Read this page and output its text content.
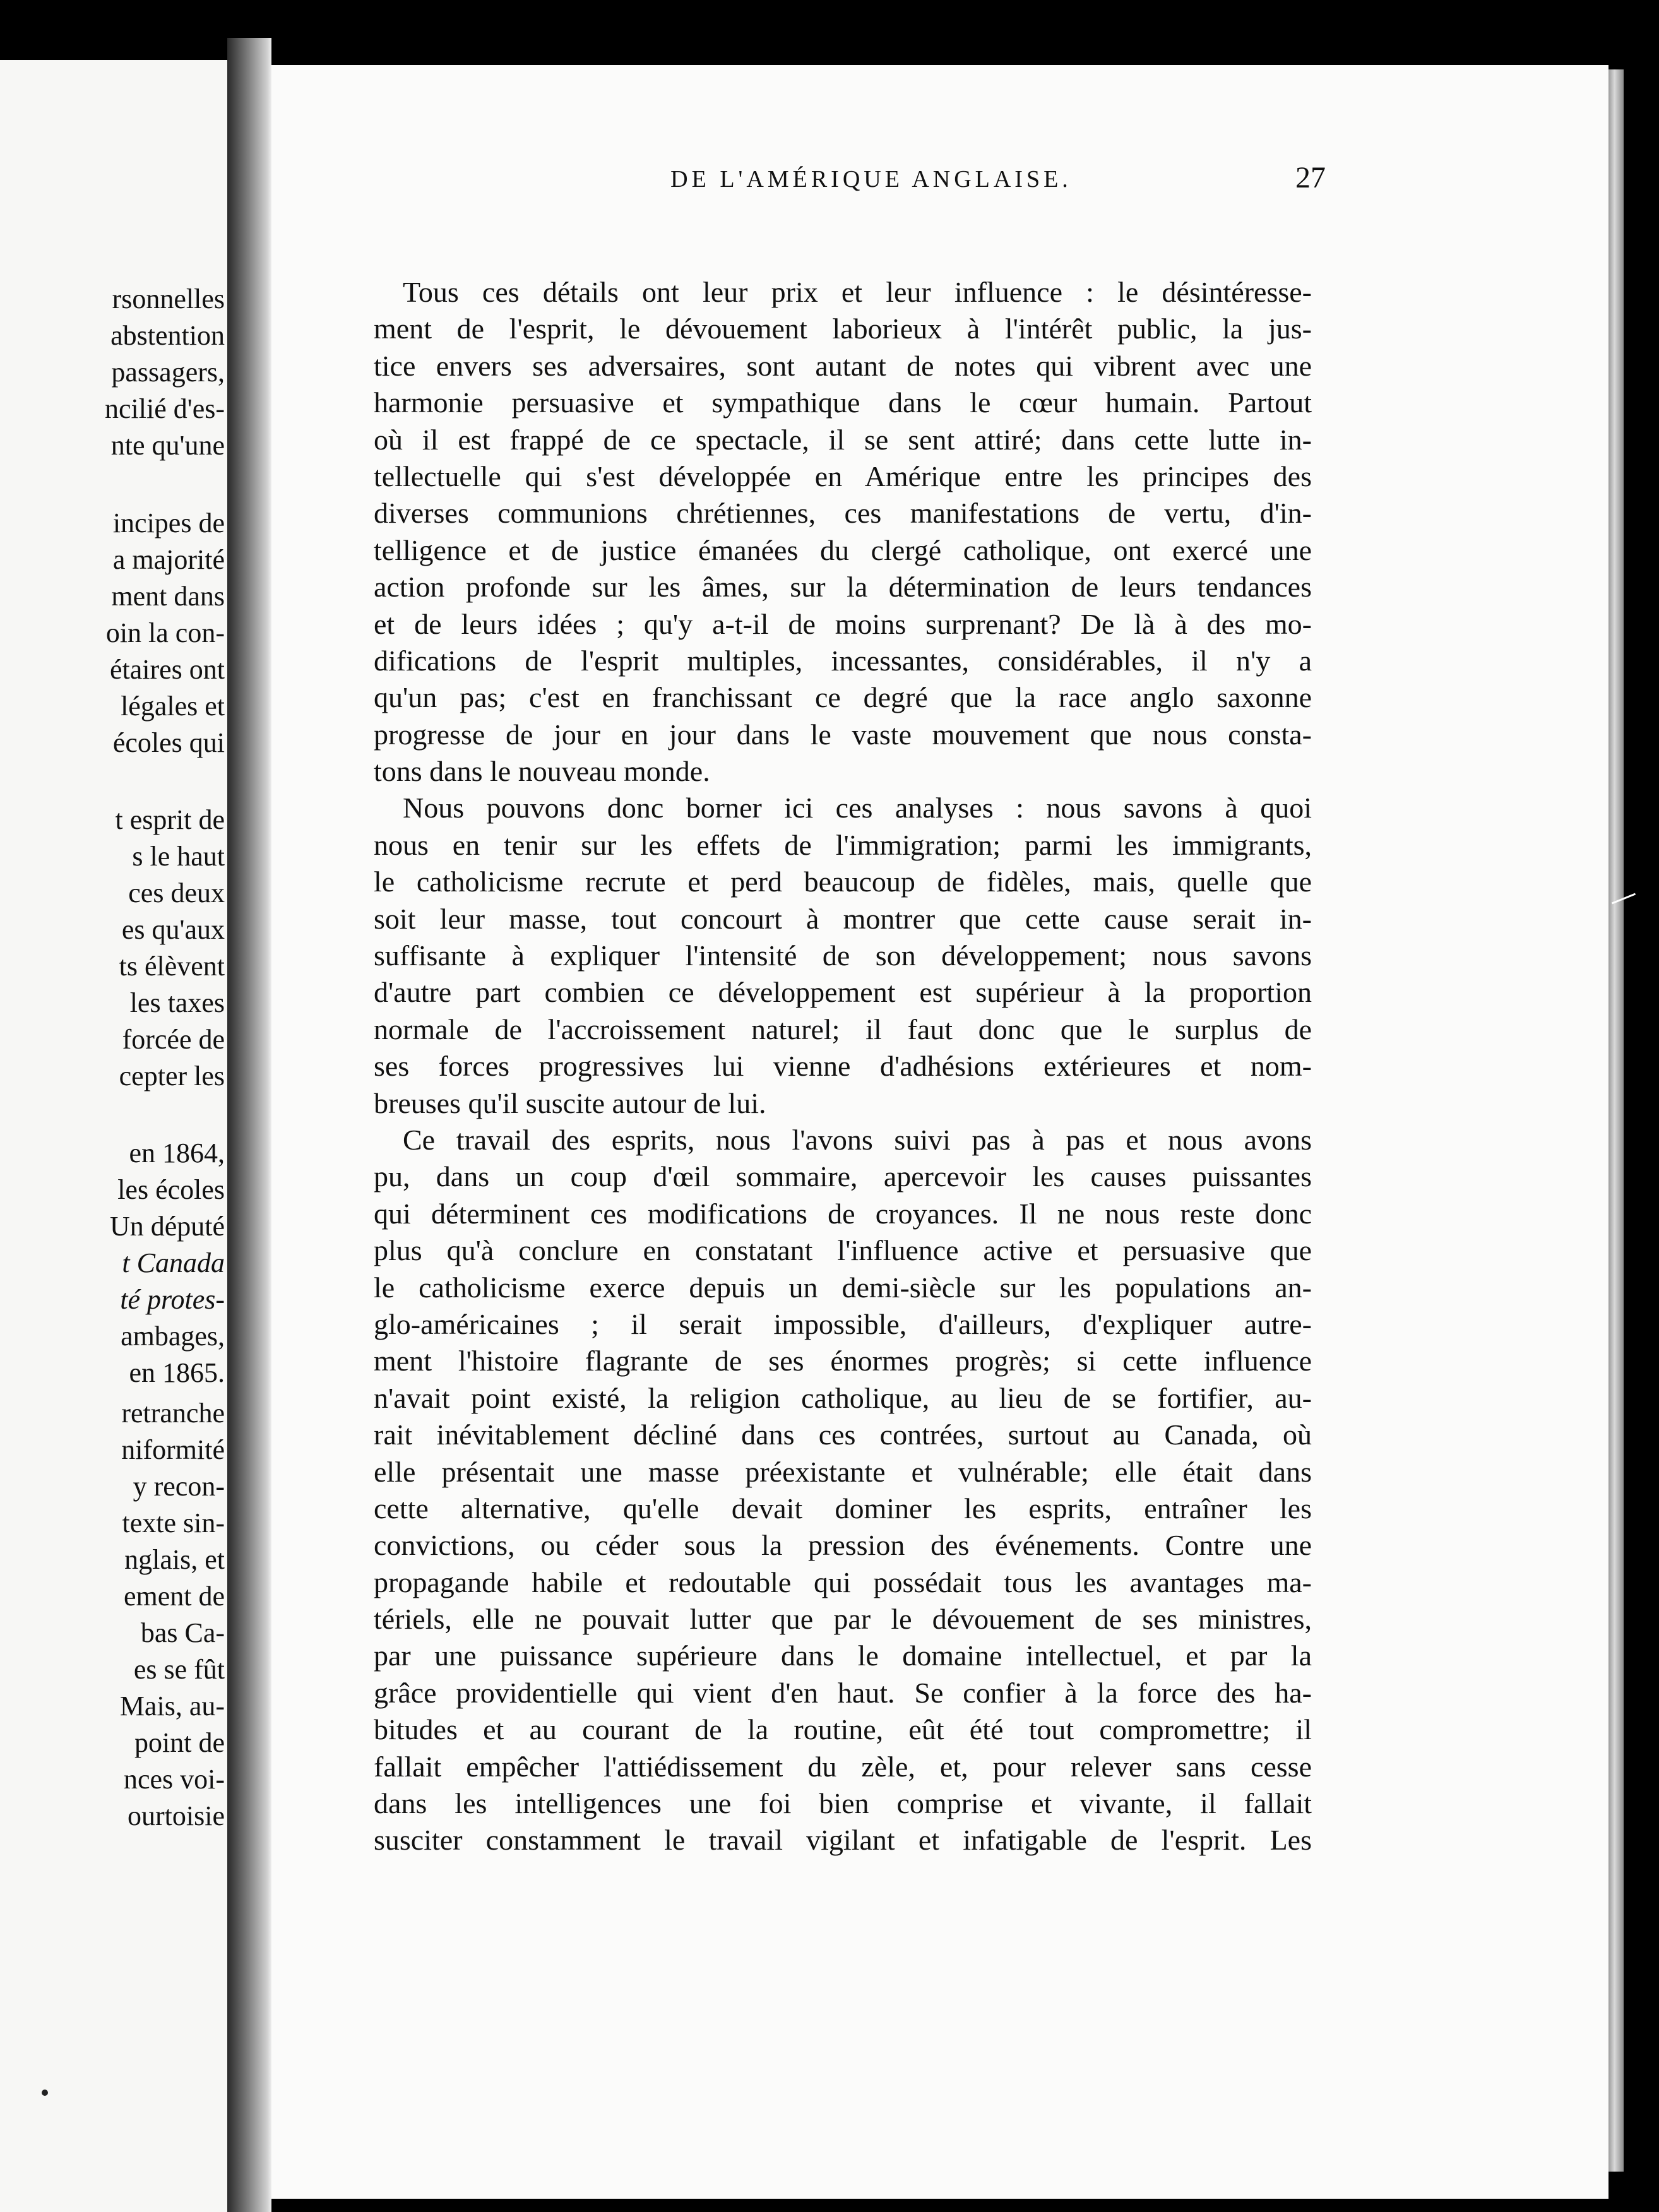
rsonnelles
abstention
passagers,
ncilié d'es-
nte qu'une
incipes de
a majorité
ment dans
oin la con-
étaires ont
légales et
écoles qui
t esprit de
s le haut
ces deux
es qu'aux
ts élèvent
les taxes
forcée de
cepter les
en 1864,
les écoles
Un député
t Canada
té protes-
ambages,
en 1865.
retranche
niformité
y recon-
texte sin-
nglais, et
ement de
bas Ca-
es se fût
Mais, au-
point de
nces voi-
ourtoisie
DE L'AMÉRIQUE ANGLAISE.	27
Tous ces détails ont leur prix et leur influence : le désintéresse-
ment de l'esprit, le dévouement laborieux à l'intérêt public, la jus-
tice envers ses adversaires, sont autant de notes qui vibrent avec une
harmonie persuasive et sympathique dans le cœur humain. Partout
où il est frappé de ce spectacle, il se sent attiré; dans cette lutte in-
tellectuelle qui s'est développée en Amérique entre les principes des
diverses communions chrétiennes, ces manifestations de vertu, d'in-
telligence et de justice émanées du clergé catholique, ont exercé une
action profonde sur les âmes, sur la détermination de leurs tendances
et de leurs idées ; qu'y a-t-il de moins surprenant? De là à des mo-
difications de l'esprit multiples, incessantes, considérables, il n'y a
qu'un pas; c'est en franchissant ce degré que la race anglo saxonne
progresse de jour en jour dans le vaste mouvement que nous consta-
tons dans le nouveau monde.
Nous pouvons donc borner ici ces analyses : nous savons à quoi
nous en tenir sur les effets de l'immigration; parmi les immigrants,
le catholicisme recrute et perd beaucoup de fidèles, mais, quelle que
soit leur masse, tout concourt à montrer que cette cause serait in-
suffisante à expliquer l'intensité de son développement; nous savons
d'autre part combien ce développement est supérieur à la proportion
normale de l'accroissement naturel; il faut donc que le surplus de
ses forces progressives lui vienne d'adhésions extérieures et nom-
breuses qu'il suscite autour de lui.
Ce travail des esprits, nous l'avons suivi pas à pas et nous avons
pu, dans un coup d'œil sommaire, apercevoir les causes puissantes
qui déterminent ces modifications de croyances. Il ne nous reste donc
plus qu'à conclure en constatant l'influence active et persuasive que
le catholicisme exerce depuis un demi-siècle sur les populations an-
glo-américaines ; il serait impossible, d'ailleurs, d'expliquer autre-
ment l'histoire flagrante de ses énormes progrès; si cette influence
n'avait point existé, la religion catholique, au lieu de se fortifier, au-
rait inévitablement décliné dans ces contrées, surtout au Canada, où
elle présentait une masse préexistante et vulnérable; elle était dans
cette alternative, qu'elle devait dominer les esprits, entraîner les
convictions, ou céder sous la pression des événements. Contre une
propagande habile et redoutable qui possédait tous les avantages ma-
tériels, elle ne pouvait lutter que par le dévouement de ses ministres,
par une puissance supérieure dans le domaine intellectuel, et par la
grâce providentielle qui vient d'en haut. Se confier à la force des ha-
bitudes et au courant de la routine, eût été tout compromettre; il
fallait empêcher l'attiédissement du zèle, et, pour relever sans cesse
dans les intelligences une foi bien comprise et vivante, il fallait
susciter constamment le travail vigilant et infatigable de l'esprit. Les
